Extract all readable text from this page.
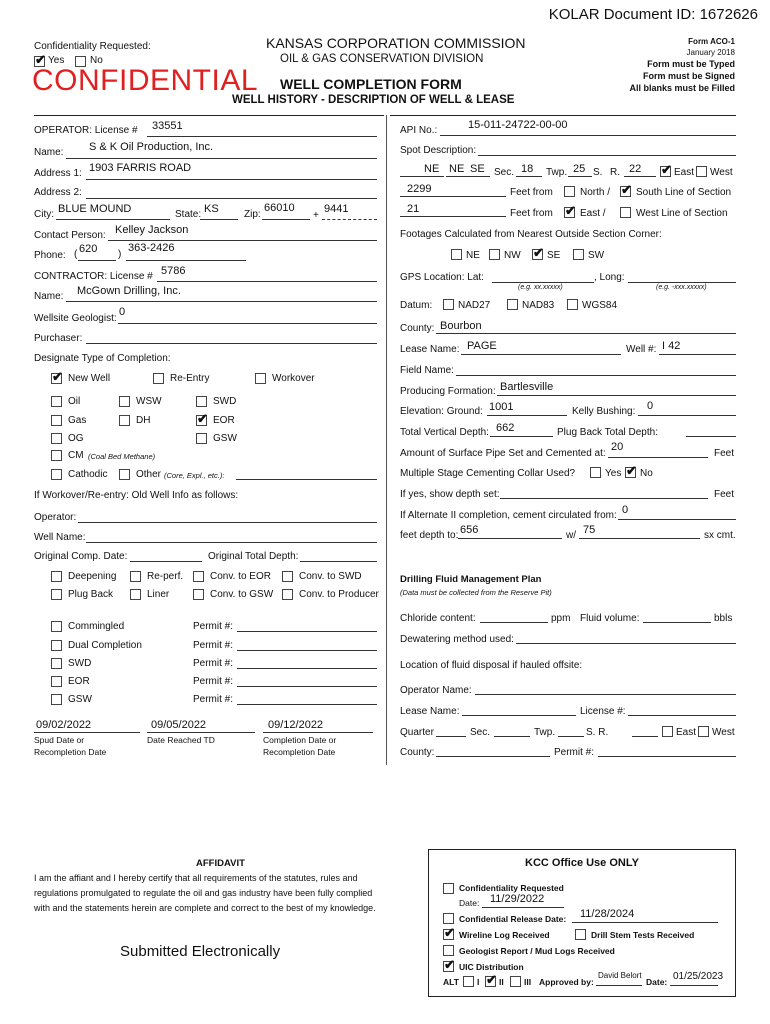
KOLAR Document ID: 1672626
Confidentiality Requested:
✔ Yes	No
CONFIDENTIAL
KANSAS CORPORATION COMMISSION
OIL & GAS CONSERVATION DIVISION
WELL COMPLETION FORM
WELL HISTORY - DESCRIPTION OF WELL & LEASE
Form ACO-1
January 2018
Form must be Typed
Form must be Signed
All blanks must be Filled
OPERATOR: License # 33551
Name: S & K Oil Production, Inc.
Address 1: 1903 FARRIS ROAD
Address 2:
City: BLUE MOUND	State: KS	Zip:
66010
+
9441
Contact Person: Kelley Jackson
Phone: ( 620 )
363-2426
CONTRACTOR: License # 5786
Name: McGown Drilling, Inc.
Wellsite Geologist:
0
Purchaser:
Designate Type of Completion:
✔ New Well	Re-Entry	Workover
Oil	WSW	SWD
Gas	DH	✔ EOR
OG	GSW
CM (Coal Bed Methane)
Cathodic	Other (Core, Expl., etc.):
If Workover/Re-entry: Old Well Info as follows:
Operator:
Well Name:
Original Comp. Date:	Original Total Depth:
Deepening	Re-perf.	Conv. to EOR	Conv. to SWD
Plug Back	Liner	Conv. to GSW	Conv. to Producer
Commingled	Permit #:
Dual Completion	Permit #:
SWD	Permit #:
EOR	Permit #:
GSW	Permit #:
09/02/2022	09/05/2022	09/12/2022
Spud Date or
Recompletion Date
Date Reached TD	Completion Date or
Recompletion Date
API No.:	15-011-24722-00-00
Spot Description:
NE NE SE Sec. 18 Twp. 25 S. R. 22 ✔ East West
2299	Feet from	North / ✔ South Line of Section
21	Feet from ✔ East /	West Line of Section
Footages Calculated from Nearest Outside Section Corner:
NE NW ✔ SE	SW
GPS Location: Lat:	, Long:
(e.g. xx.xxxxx)	(e.g. -xxx.xxxxx)
Datum:	NAD27	NAD83	WGS84
County: Bourbon
Lease Name: PAGE	Well #: I 42
Field Name:
Producing Formation: Bartlesville
Elevation: Ground: 1001	Kelly Bushing: 0
Total Vertical Depth: 662	Plug Back Total Depth:
Amount of Surface Pipe Set and Cemented at:
20
Feet
Multiple Stage Cementing Collar Used?	Yes ✔ No
If yes, show depth set:	Feet
If Alternate II completion, cement circulated from: 0
feet depth to: 656	w/ 75	sx cmt.
Drilling Fluid Management Plan
(Data must be collected from the Reserve Pit)
Chloride content:	ppm Fluid volume:	bbls
Dewatering method used:
Location of fluid disposal if hauled offsite:
Operator Name:
Lease Name:	License #:
Quarter	Sec.	Twp.	S. R.	East West
County:	Permit #:
AFFIDAVIT
I am the affiant and I hereby certify that all requirements of the statutes, rules and
regulations promulgated to regulate the oil and gas industry have been fully complied
with and the statements herein are complete and correct to the best of my knowledge.
Submitted Electronically
KCC Office Use ONLY
Confidentiality Requested
Date: 11/29/2022
Confidential Release Date: 11/28/2024
✔ Wireline Log Received	Drill Stem Tests Received
Geologist Report / Mud Logs Received
✔ UIC Distribution
ALT I ✔ II III Approved by:
David Belort
Date: 01/25/2023
